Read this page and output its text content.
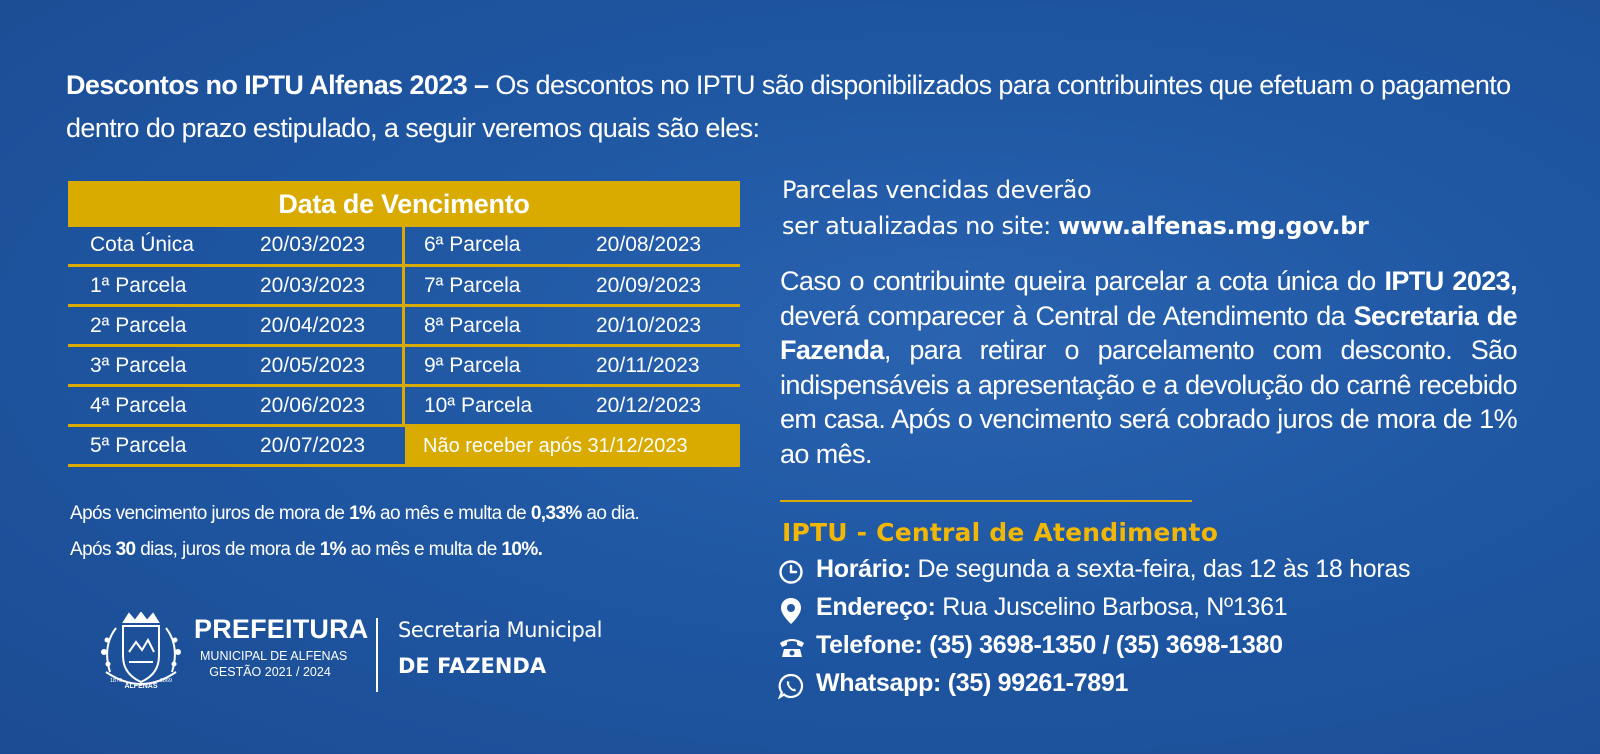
Descontos no IPTU Alfenas 2023 – Os descontos no IPTU são disponibilizados para contribuintes que efetuam o pagamento dentro do prazo estipulado, a seguir veremos quais são eles:
Data de Vencimento
Cota Única	20/03/2023	6ª Parcela	20/08/2023
1ª Parcela	20/03/2023	7ª Parcela	20/09/2023
2ª Parcela	20/04/2023	8ª Parcela	20/10/2023
3ª Parcela	20/05/2023	9ª Parcela	20/11/2023
4ª Parcela	20/06/2023	10ª Parcela	20/12/2023
5ª Parcela	20/07/2023	Não receber após 31/12/2023
Após vencimento juros de mora de 1% ao mês e multa de 0,33% ao dia.
Após 30 dias, juros de mora de 1% ao mês e multa de 10%.
ALFENAS
1870	1869
PREFEITURA
MUNICIPAL DE ALFENAS
GESTÃO 2021 / 2024
Secretaria Municipal
DE FAZENDA
Parcelas vencidas deverão
ser atualizadas no site: www.alfenas.mg.gov.br
Caso o contribuinte queira parcelar a cota única do IPTU 2023, deverá comparecer à Central de Atendimento da Secretaria de Fazenda, para retirar o parcelamento com desconto. São indispensáveis a apresentação e a devolução do carnê recebido em casa. Após o vencimento será cobrado juros de mora de 1% ao mês.
IPTU - Central de Atendimento
Horário: De segunda a sexta-feira, das 12 às 18 horas
Endereço: Rua Juscelino Barbosa, Nº1361
Telefone: (35) 3698-1350 / (35) 3698-1380
Whatsapp: (35) 99261-7891
